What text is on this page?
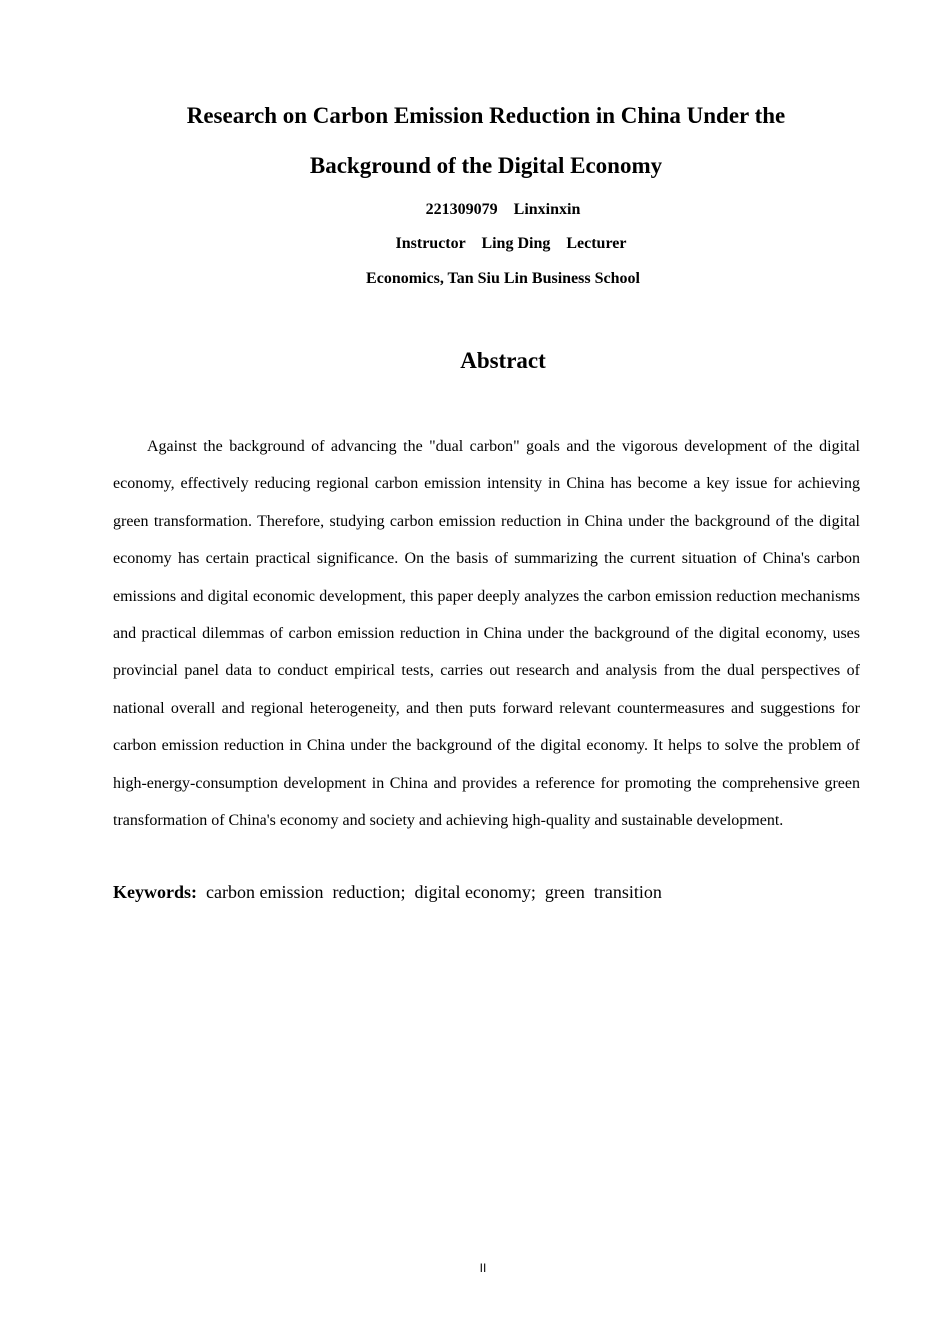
Research on Carbon Emission Reduction in China Under the
Background of the Digital Economy
221309079    Linxinxin
Instructor    Ling Ding    Lecturer
Economics, Tan Siu Lin Business School
Abstract

Against the background of advancing the "dual carbon" goals and the vigorous development of the digital economy, effectively reducing regional carbon emission intensity in China has become a key issue for achieving green transformation. Therefore, studying carbon emission reduction in China under the background of the digital economy has certain practical significance. On the basis of summarizing the current situation of China's carbon emissions and digital economic development, this paper deeply analyzes the carbon emission reduction mechanisms and practical dilemmas of carbon emission reduction in China under the background of the digital economy, uses provincial panel data to conduct empirical tests, carries out research and analysis from the dual perspectives of national overall and regional heterogeneity, and then puts forward relevant countermeasures and suggestions for carbon emission reduction in China under the background of the digital economy. It helps to solve the problem of high-energy-consumption development in China and provides a reference for promoting the comprehensive green transformation of China's economy and society and achieving high-quality and sustainable development.

Keywords: carbon emission  reduction;  digital economy;  green  transition
II
